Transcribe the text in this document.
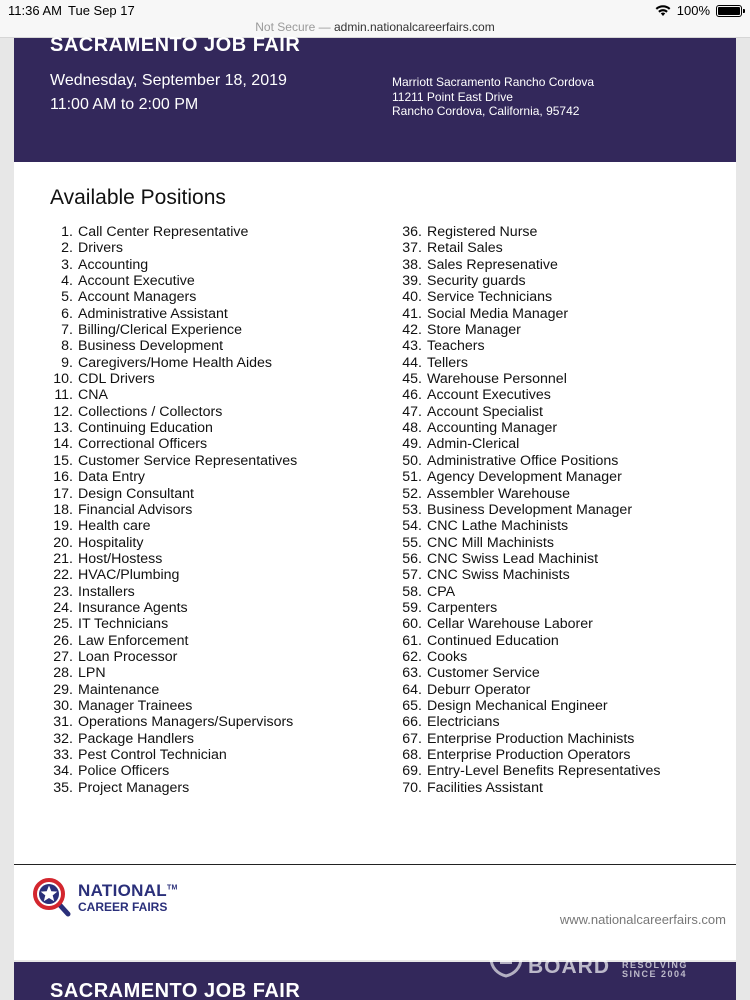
11:36 AM Tue Sep 17	100%
Not Secure — admin.nationalcareerfairs.com
SACRAMENTO JOB FAIR
Wednesday, September 18, 2019
11:00 AM to 2:00 PM
Marriott Sacramento Rancho Cordova
11211 Point East Drive
Rancho Cordova, California, 95742
Available Positions
1. Call Center Representative
2. Drivers
3. Accounting
4. Account Executive
5. Account Managers
6. Administrative Assistant
7. Billing/Clerical Experience
8. Business Development
9. Caregivers/Home Health Aides
10. CDL Drivers
11. CNA
12. Collections / Collectors
13. Continuing Education
14. Correctional Officers
15. Customer Service Representatives
16. Data Entry
17. Design Consultant
18. Financial Advisors
19. Health care
20. Hospitality
21. Host/Hostess
22. HVAC/Plumbing
23. Installers
24. Insurance Agents
25. IT Technicians
26. Law Enforcement
27. Loan Processor
28. LPN
29. Maintenance
30. Manager Trainees
31. Operations Managers/Supervisors
32. Package Handlers
33. Pest Control Technician
34. Police Officers
35. Project Managers
36. Registered Nurse
37. Retail Sales
38. Sales Represenative
39. Security guards
40. Service Technicians
41. Social Media Manager
42. Store Manager
43. Teachers
44. Tellers
45. Warehouse Personnel
46. Account Executives
47. Account Specialist
48. Accounting Manager
49. Admin-Clerical
50. Administrative Office Positions
51. Agency Development Manager
52. Assembler Warehouse
53. Business Development Manager
54. CNC Lathe Machinists
55. CNC Mill Machinists
56. CNC Swiss Lead Machinist
57. CNC Swiss Machinists
58. CPA
59. Carpenters
60. Cellar Warehouse Laborer
61. Continued Education
62. Cooks
63. Customer Service
64. Deburr Operator
65. Design Mechanical Engineer
66. Electricians
67. Enterprise Production Machinists
68. Enterprise Production Operators
69. Entry-Level Benefits Representatives
70. Facilities Assistant
NATIONAL™
CAREER FAIRS
www.nationalcareerfairs.com
SACRAMENTO JOB FAIR
COMPLAINTS
BOARD	RESOLVING SINCE 2004
